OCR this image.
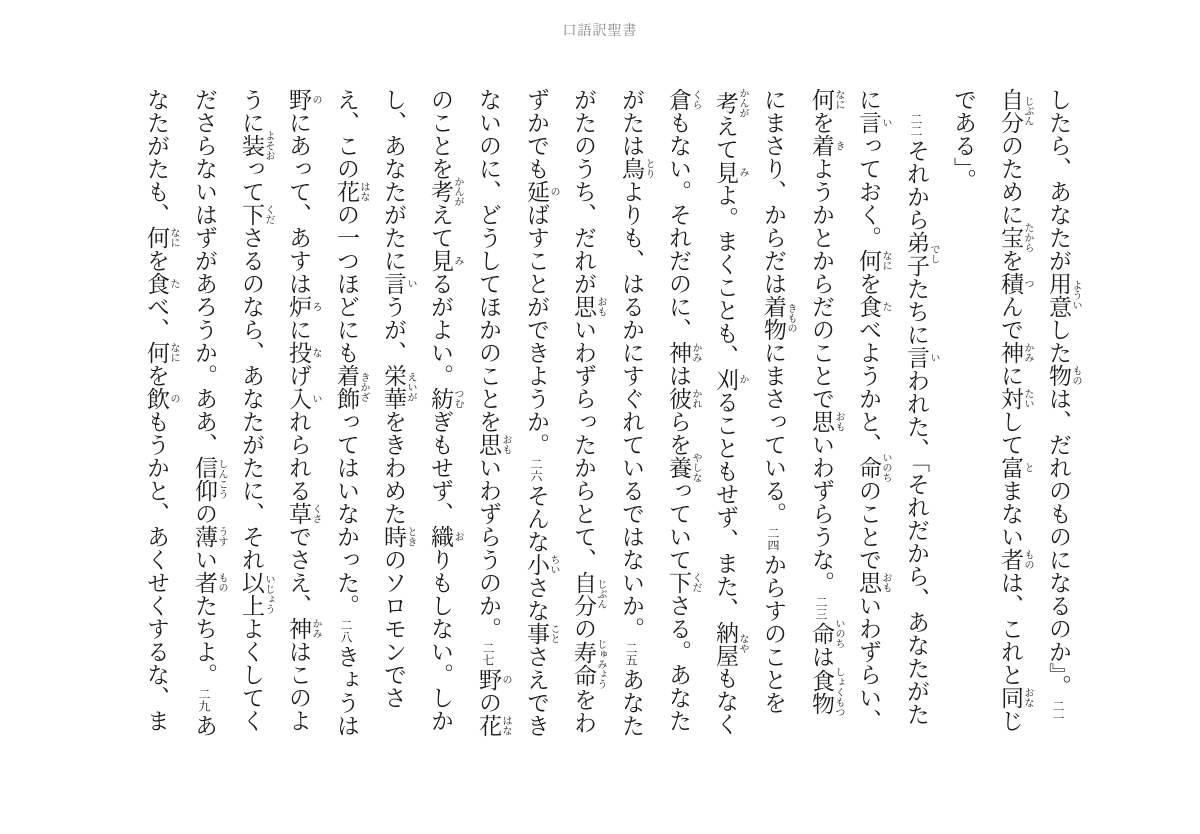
口語訳聖書

したら、あなたが用意 よういした物 ものは、だれのものになるのか』。二一自分 じぶんのために宝 たからを積 つんで神 かみに対 たいして富 とまない者 ものは、これと同 おなじである」。

二二それから弟子 でしたちに言 いわれた、「それだから、あなたがたに言 いっておく。何 なにを食 たべようかと、命 いのちのことで思 おもいわずらい、何 なにを着 きようかとからだのことで思 おもいわずらうな。二三命 いのちは食物 しょくもつにまさり、からだは着物 きものにまさっている。二四からすのことを考 かんがえて見 みよ。まくことも、刈 かることもせず、また、納屋 なやもなく倉 くらもない。それだのに、神 かみは彼 かれらを養 やしなっていて下 くださる。あなたがたは鳥 とりよりも、はるかにすぐれているではないか。二五あなたがたのうち、だれが思 おもいわずらったからとて、自分 じぶんの寿命 じゅみょうをわずかでも延 のばすことができようか。二六そんな小 ちいさな事 ことさえできないのに、どうしてほかのことを思 おもいわずらうのか。二七野 のの花 はなのことを考 かんがえて見 みるがよい。紡 つむぎもせず、織 おりもしない。しかし、あなたがたに言 いうが、栄華 えいがをきわめた時 ときのソロモンでさえ、この花 はなの一つほどにも着飾 きかざってはいなかった。二八きょうは野 のにあって、あすは炉 ろに投 なげ入 いれられる草 くさでさえ、神 かみはこのように装 よそおって下 くださるのなら、あなたがたに、それ以上 いじょうよくしてくださらないはずがあろうか。ああ、信仰 しんこうの薄 うすい者 ものたちよ。二九あなたがたも、何 なにを食 たべ、何 なにを飲 のもうかと、あくせくするな、ま
